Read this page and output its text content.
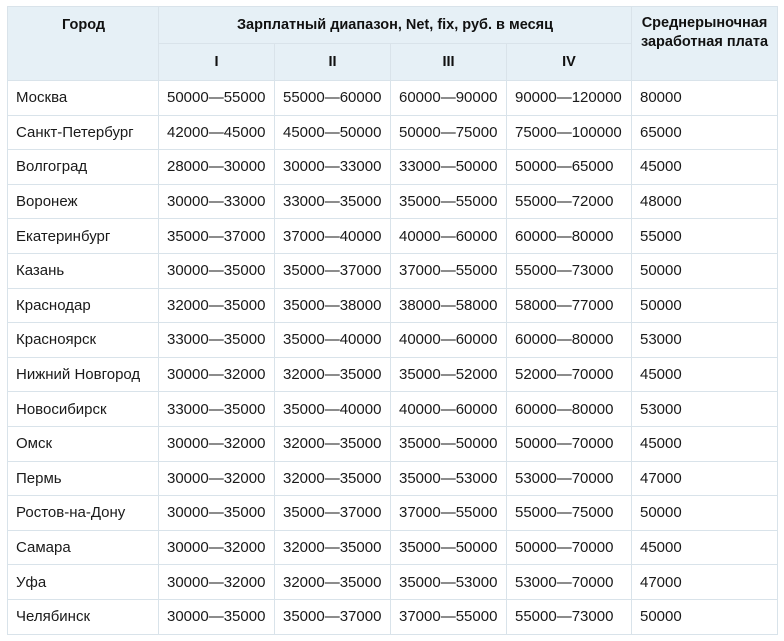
Город	Зарплатный диапазон, Net, fix, руб. в месяц				Среднерыночная заработная плата
	I	II	III	IV	
Москва	50000—55000	55000—60000	60000—90000	90000—120000	80000
Санкт-Петербург	42000—45000	45000—50000	50000—75000	75000—100000	65000
Волгоград	28000—30000	30000—33000	33000—50000	50000—65000	45000
Воронеж	30000—33000	33000—35000	35000—55000	55000—72000	48000
Екатеринбург	35000—37000	37000—40000	40000—60000	60000—80000	55000
Казань	30000—35000	35000—37000	37000—55000	55000—73000	50000
Краснодар	32000—35000	35000—38000	38000—58000	58000—77000	50000
Красноярск	33000—35000	35000—40000	40000—60000	60000—80000	53000
Нижний Новгород	30000—32000	32000—35000	35000—52000	52000—70000	45000
Новосибирск	33000—35000	35000—40000	40000—60000	60000—80000	53000
Омск	30000—32000	32000—35000	35000—50000	50000—70000	45000
Пермь	30000—32000	32000—35000	35000—53000	53000—70000	47000
Ростов-на-Дону	30000—35000	35000—37000	37000—55000	55000—75000	50000
Самара	30000—32000	32000—35000	35000—50000	50000—70000	45000
Уфа	30000—32000	32000—35000	35000—53000	53000—70000	47000
Челябинск	30000—35000	35000—37000	37000—55000	55000—73000	50000
